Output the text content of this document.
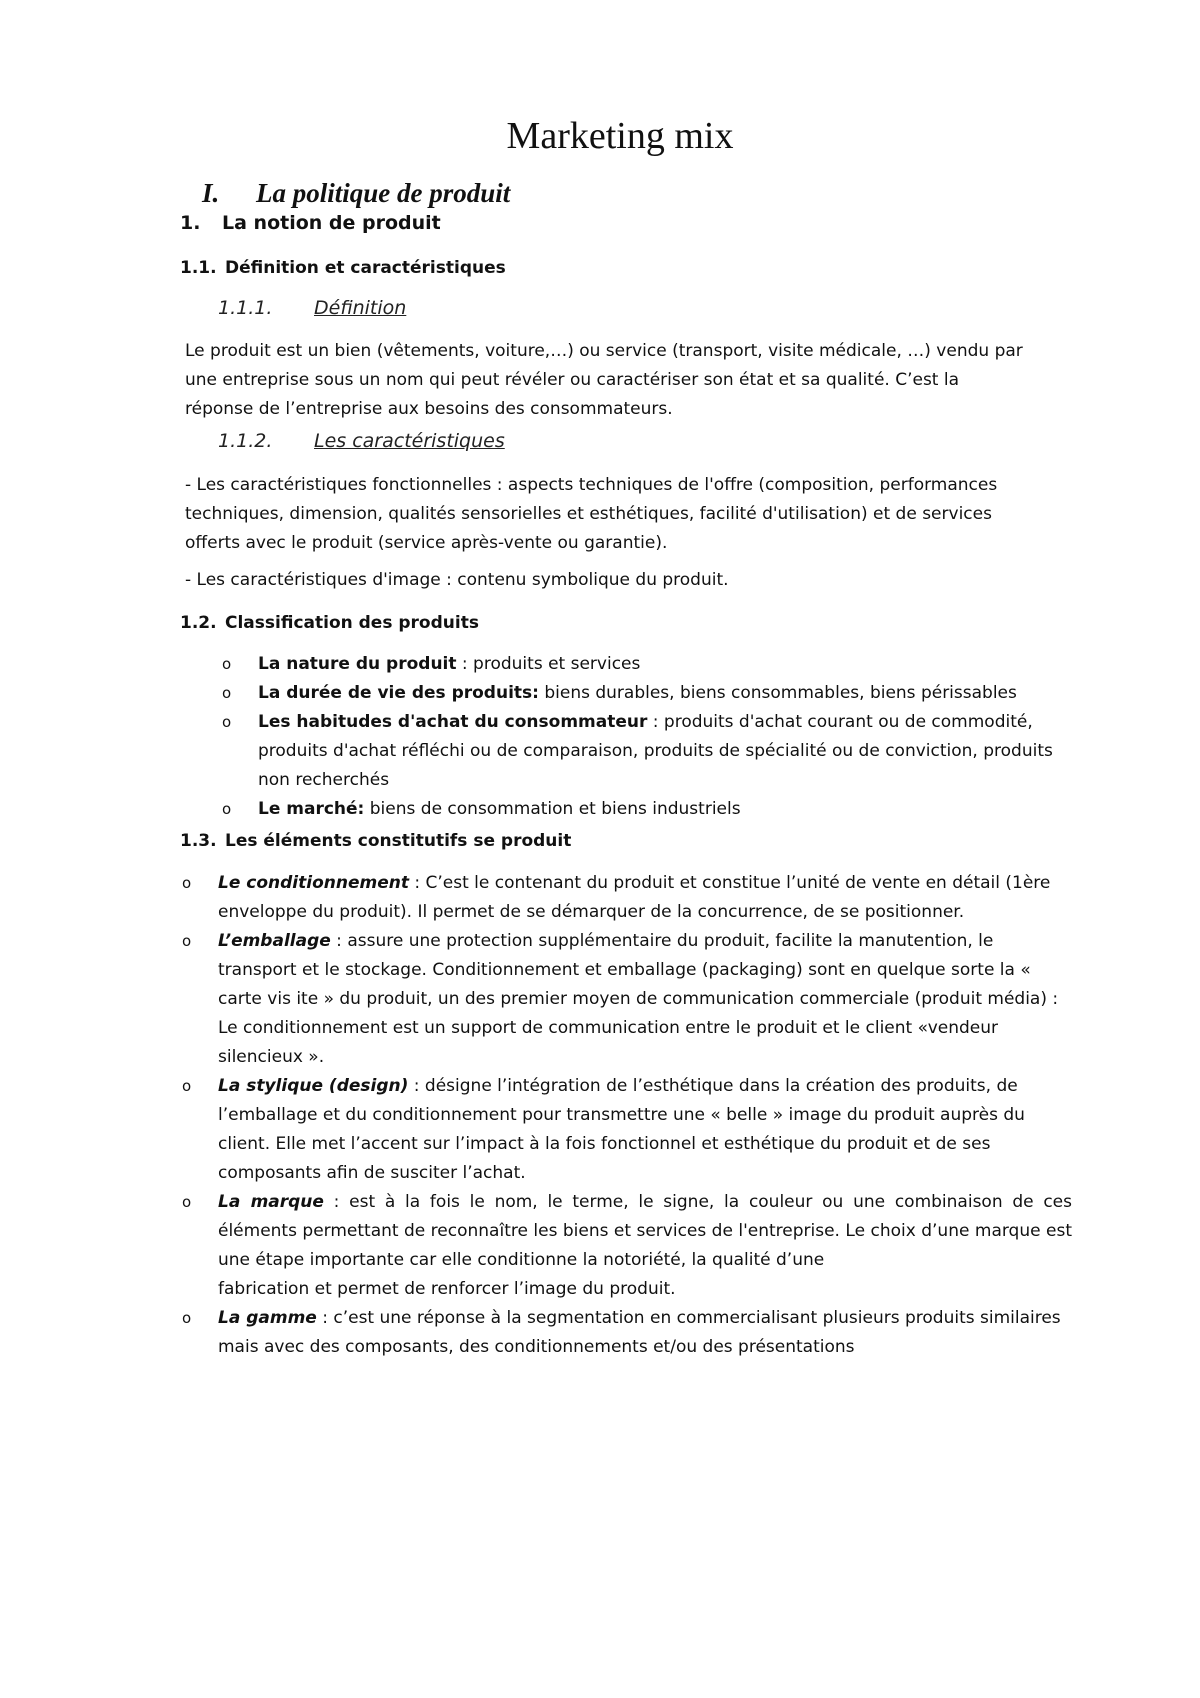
Marketing mix
I. La politique de produit
1. La notion de produit
1.1. Définition et caractéristiques
1.1.1. Définition

Le produit est un bien (vêtements, voiture,…) ou service (transport, visite médicale, …) vendu par

une entreprise sous un nom qui peut révéler ou caractériser son état et sa qualité. C’est la

réponse de l’entreprise aux besoins des consommateurs.

1.1.2. Les caractéristiques

- Les caractéristiques fonctionnelles : aspects techniques de l'offre (composition, performances

techniques, dimension, qualités sensorielles et esthétiques, facilité d'utilisation) et de services

offerts avec le produit (service après-vente ou garantie).

- Les caractéristiques d'image : contenu symbolique du produit.

1.2. Classification des produits
o La nature du produit : produits et services
o La durée de vie des produits: biens durables, biens consommables, biens périssables
o Les habitudes d'achat du consommateur : produits d'achat courant ou de commodité, produits d'achat réfléchi ou de comparaison, produits de spécialité ou de conviction, produits non recherchés
o Le marché: biens de consommation et biens industriels
1.3. Les éléments constitutifs se produit
o Le conditionnement : C’est le contenant du produit et constitue l’unité de vente en détail (1ère enveloppe du produit). Il permet de se démarquer de la concurrence, de se positionner.
o L’emballage : assure une protection supplémentaire du produit, facilite la manutention, le transport et le stockage. Conditionnement et emballage (packaging) sont en quelque sorte la « carte vis ite » du produit, un des premier moyen de communication commerciale (produit média) : Le conditionnement est un support de communication entre le produit et le client «vendeur silencieux ».
o La stylique (design) : désigne l’intégration de l’esthétique dans la création des produits, de l’emballage et du conditionnement pour transmettre une « belle » image du produit auprès du client. Elle met l’accent sur l’impact à la fois fonctionnel et esthétique du produit et de ses composants afin de susciter l’achat.
o La marque : est à la fois le nom, le terme, le signe, la couleur ou une combinaison de ces éléments permettant de reconnaître les biens et services de l'entreprise. Le choix d’une marque est une étape importante car elle conditionne la notoriété, la qualité d’une
fabrication et permet de renforcer l’image du produit.
o La gamme : c’est une réponse à la segmentation en commercialisant plusieurs produits similaires mais avec des composants, des conditionnements et/ou des présentations
